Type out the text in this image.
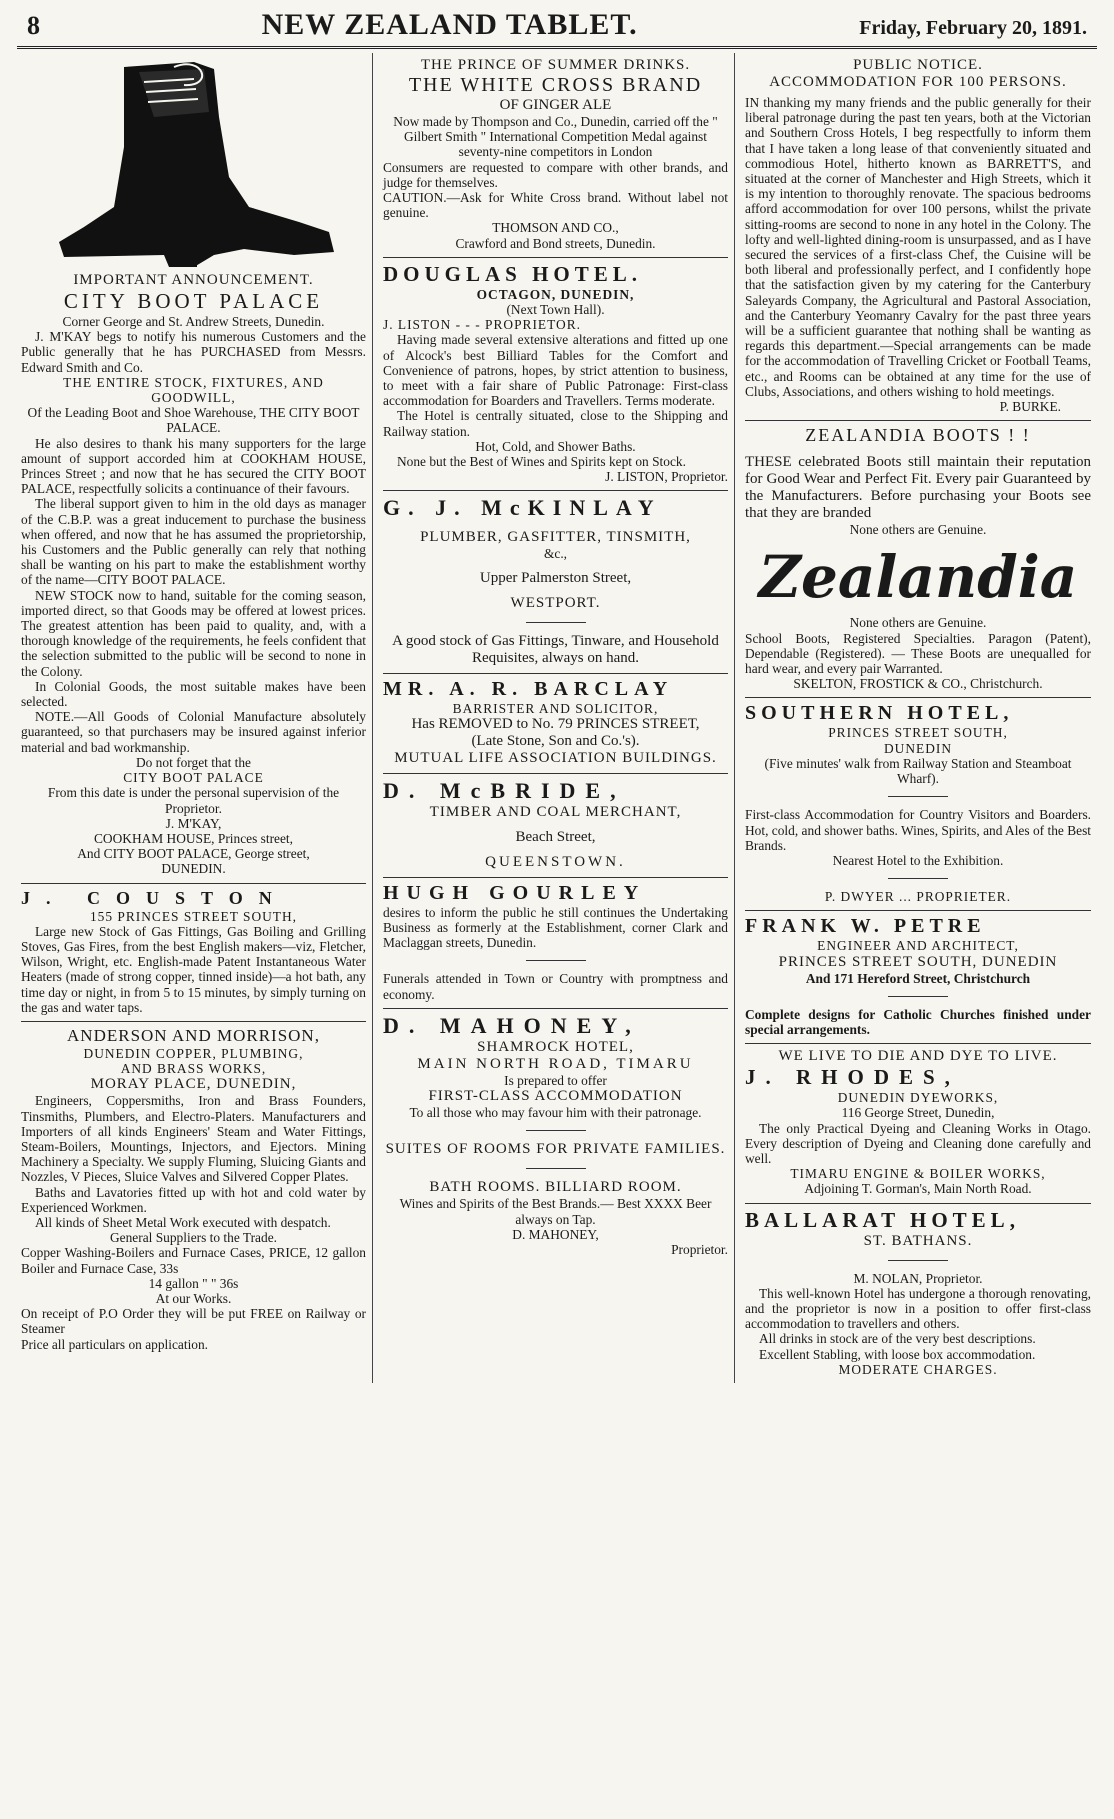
8	NEW ZEALAND TABLET.	Friday, February 20, 1891.
IMPORTANT ANNOUNCEMENT.
CITY BOOT PALACE
Corner George and St. Andrew Streets, Dunedin.

J. M'KAY begs to notify his numerous Customers and the Public generally that he has PURCHASED from Messrs. Edward Smith and Co.

THE ENTIRE STOCK, FIXTURES, AND GOODWILL,

Of the Leading Boot and Shoe Warehouse, THE CITY BOOT PALACE.

He also desires to thank his many supporters for the large amount of support accorded him at COOKHAM HOUSE, Princes Street ; and now that he has secured the CITY BOOT PALACE, respectfully solicits a continuance of their favours.

The liberal support given to him in the old days as manager of the C.B.P. was a great inducement to purchase the business when offered, and now that he has assumed the proprietorship, his Customers and the Public generally can rely that nothing shall be wanting on his part to make the establishment worthy of the name—CITY BOOT PALACE.

NEW STOCK now to hand, suitable for the coming season, imported direct, so that Goods may be offered at lowest prices. The greatest attention has been paid to quality, and, with a thorough knowledge of the requirements, he feels confident that the selection submitted to the public will be second to none in the Colony.

In Colonial Goods, the most suitable makes have been selected.

NOTE.—All Goods of Colonial Manufacture absolutely guaranteed, so that purchasers may be insured against inferior material and bad workmanship.

Do not forget that the

CITY BOOT PALACE

From this date is under the personal supervision of the Proprietor.

J. M'KAY,

COOKHAM HOUSE, Princes street,

And CITY BOOT PALACE, George street,

DUNEDIN.

J. COUSTON
155 PRINCES STREET SOUTH,

Large new Stock of Gas Fittings, Gas Boiling and Grilling Stoves, Gas Fires, from the best English makers—viz, Fletcher, Wilson, Wright, etc. English-made Patent Instantaneous Water Heaters (made of strong copper, tinned inside)—a hot bath, any time day or night, in from 5 to 15 minutes, by simply turning on the gas and water taps.

ANDERSON AND MORRISON,
DUNEDIN COPPER, PLUMBING,
AND BRASS WORKS,
MORAY PLACE, DUNEDIN,

Engineers, Coppersmiths, Iron and Brass Founders, Tinsmiths, Plumbers, and Electro-Platers. Manufacturers and Importers of all kinds Engineers' Steam and Water Fittings, Steam-Boilers, Mountings, Injectors, and Ejectors. Mining Machinery a Specialty. We supply Fluming, Sluicing Giants and Nozzles, V Pieces, Sluice Valves and Silvered Copper Plates.

Baths and Lavatories fitted up with hot and cold water by Experienced Workmen.

All kinds of Sheet Metal Work executed with despatch.

General Suppliers to the Trade.

Copper Washing-Boilers and Furnace Cases, PRICE, 12 gallon Boiler and Furnace Case, 33s

14 gallon " " 36s

At our Works.

On receipt of P.O Order they will be put FREE on Railway or Steamer

Price all particulars on application.

THE PRINCE OF SUMMER DRINKS.
THE WHITE CROSS BRAND
OF GINGER ALE

Now made by Thompson and Co., Dunedin, carried off the " Gilbert Smith " International Competition Medal against seventy-nine competitors in London

Consumers are requested to compare with other brands, and judge for themselves.

CAUTION.—Ask for White Cross brand. Without label not genuine.

THOMSON AND CO.,

Crawford and Bond streets, Dunedin.

DOUGLAS HOTEL.
OCTAGON, DUNEDIN,
(Next Town Hall).
J. LISTON - - - PROPRIETOR.

Having made several extensive alterations and fitted up one of Alcock's best Billiard Tables for the Comfort and Convenience of patrons, hopes, by strict attention to business, to meet with a fair share of Public Patronage: First-class accommodation for Boarders and Travellers. Terms moderate.

The Hotel is centrally situated, close to the Shipping and Railway station.

Hot, Cold, and Shower Baths.

None but the Best of Wines and Spirits kept on Stock.

J. LISTON, Proprietor.

G. J. McKINLAY
PLUMBER, GASFITTER, TINSMITH,
&c.,
Upper Palmerston Street,
WESTPORT.

A good stock of Gas Fittings, Tinware, and Household Requisites, always on hand.

MR. A. R. BARCLAY
BARRISTER AND SOLICITOR,
Has REMOVED to No. 79 PRINCES STREET,
(Late Stone, Son and Co.'s).
MUTUAL LIFE ASSOCIATION BUILDINGS.
D. McBRIDE,
TIMBER AND COAL MERCHANT,
Beach Street,
QUEENSTOWN.
HUGH GOURLEY

desires to inform the public he still continues the Undertaking Business as formerly at the Establishment, corner Clark and Maclaggan streets, Dunedin.

Funerals attended in Town or Country with promptness and economy.

D. MAHONEY,
SHAMROCK HOTEL,
MAIN NORTH ROAD, TIMARU
Is prepared to offer
FIRST-CLASS ACCOMMODATION
To all those who may favour him with their patronage.
SUITES OF ROOMS FOR PRIVATE FAMILIES.
BATH ROOMS. BILLIARD ROOM.

Wines and Spirits of the Best Brands.— Best XXXX Beer always on Tap.

D. MAHONEY,

Proprietor.

PUBLIC NOTICE.
ACCOMMODATION FOR 100 PERSONS.

IN thanking my many friends and the public generally for their liberal patronage during the past ten years, both at the Victorian and Southern Cross Hotels, I beg respectfully to inform them that I have taken a long lease of that conveniently situated and commodious Hotel, hitherto known as BARRETT'S, and situated at the corner of Manchester and High Streets, which it is my intention to thoroughly renovate. The spacious bedrooms afford accommodation for over 100 persons, whilst the private sitting-rooms are second to none in any hotel in the Colony. The lofty and well-lighted dining-room is unsurpassed, and as I have secured the services of a first-class Chef, the Cuisine will be both liberal and professionally perfect, and I confidently hope that the satisfaction given by my catering for the Canterbury Saleyards Company, the Agricultural and Pastoral Association, and the Canterbury Yeomanry Cavalry for the past three years will be a sufficient guarantee that nothing shall be wanting as regards this department.—Special arrangements can be made for the accommodation of Travelling Cricket or Football Teams, etc., and Rooms can be obtained at any time for the use of Clubs, Associations, and others wishing to hold meetings.

P. BURKE.

ZEALANDIA BOOTS ! !

THESE celebrated Boots still maintain their reputation for Good Wear and Perfect Fit. Every pair Guaranteed by the Manufacturers. Before purchasing your Boots see that they are branded

None others are Genuine.

Zealandia

None others are Genuine.

School Boots, Registered Specialties. Paragon (Patent), Dependable (Registered). — These Boots are unequalled for hard wear, and every pair Warranted.

SKELTON, FROSTICK & CO., Christchurch.

SOUTHERN HOTEL,
PRINCES STREET SOUTH,
DUNEDIN
(Five minutes' walk from Railway Station and Steamboat Wharf).

First-class Accommodation for Country Visitors and Boarders. Hot, cold, and shower baths. Wines, Spirits, and Ales of the Best Brands.

Nearest Hotel to the Exhibition.

P. DWYER ... PROPRIETER.

FRANK W. PETRE
ENGINEER AND ARCHITECT,
PRINCES STREET SOUTH, DUNEDIN
And 171 Hereford Street, Christchurch

Complete designs for Catholic Churches finished under special arrangements.

WE LIVE TO DIE AND DYE TO LIVE.
J. RHODES,
DUNEDIN DYEWORKS,
116 George Street, Dunedin,

The only Practical Dyeing and Cleaning Works in Otago. Every description of Dyeing and Cleaning done carefully and well.

TIMARU ENGINE & BOILER WORKS,

Adjoining T. Gorman's, Main North Road.

BALLARAT HOTEL,
ST. BATHANS.
M. NOLAN, Proprietor.

This well-known Hotel has undergone a thorough renovating, and the proprietor is now in a position to offer first-class accommodation to travellers and others.

All drinks in stock are of the very best descriptions.

Excellent Stabling, with loose box accommodation.

MODERATE CHARGES.
